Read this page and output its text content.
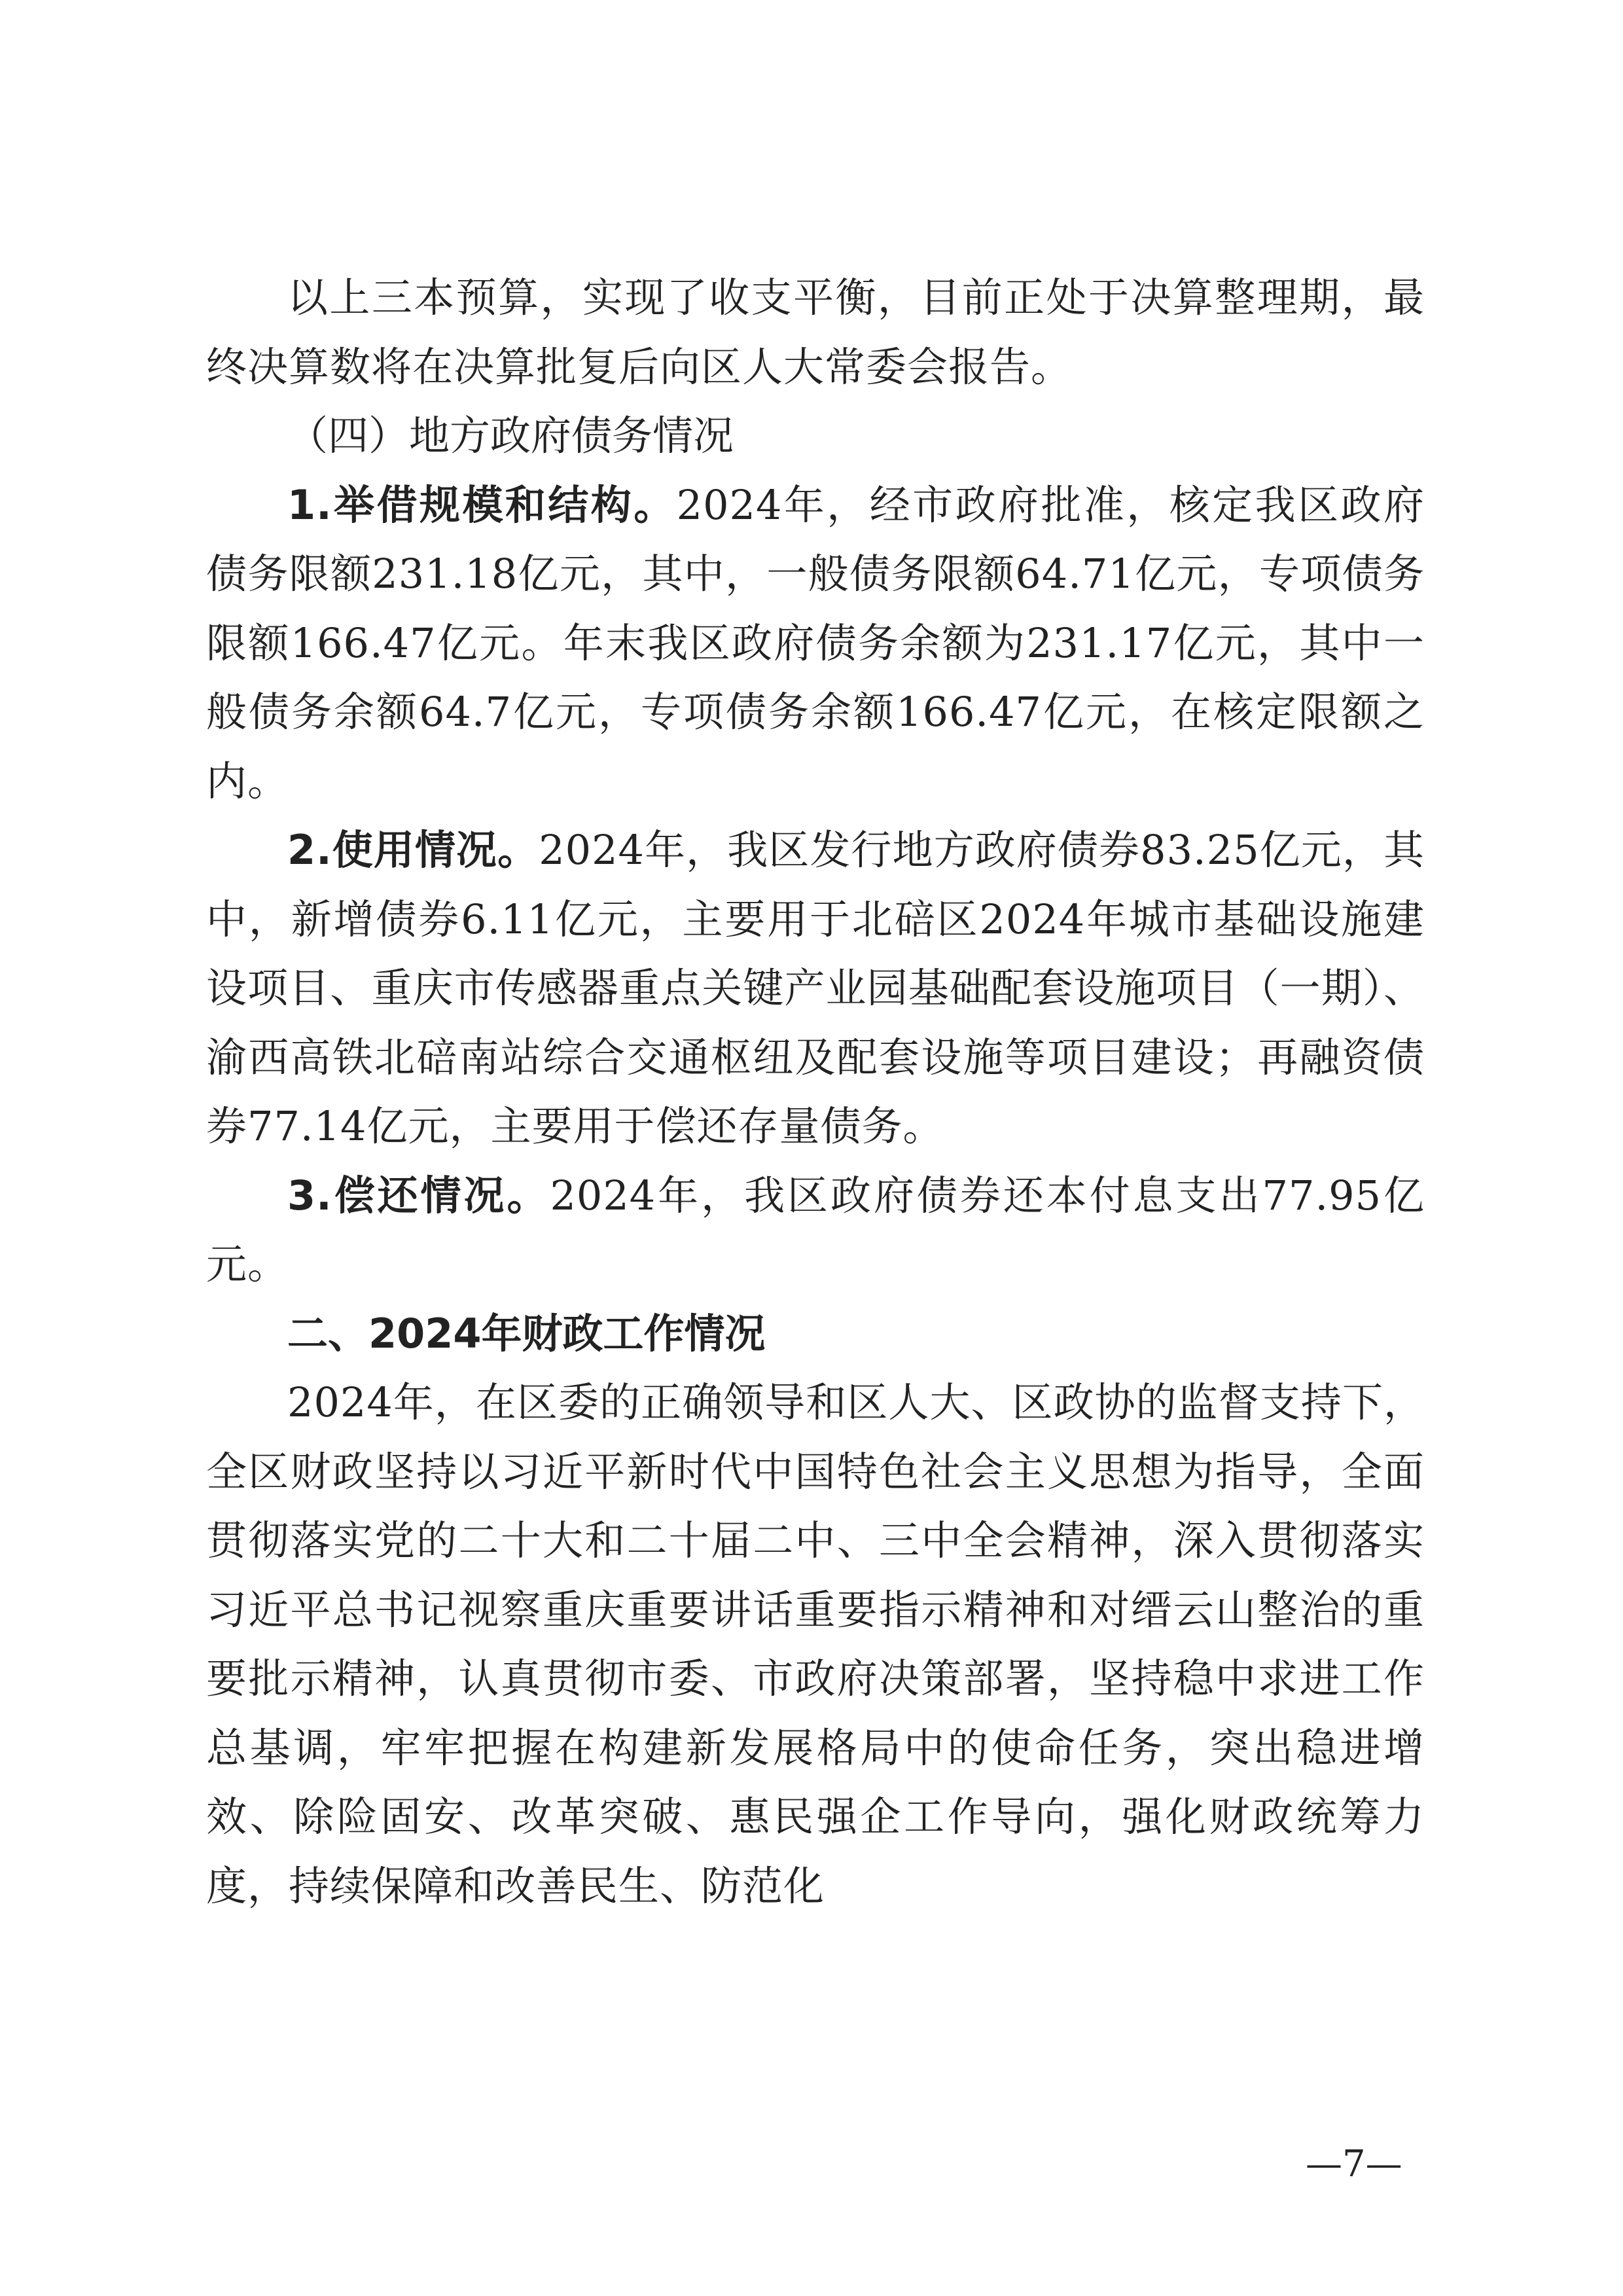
以上三本预算，实现了收支平衡，目前正处于决算整理期，最终决算数将在决算批复后向区人大常委会报告。

（四）地方政府债务情况

1.举借规模和结构。2024年，经市政府批准，核定我区政府债务限额231.18亿元，其中，一般债务限额64.71亿元，专项债务限额166.47亿元。年末我区政府债务余额为231.17亿元，其中一般债务余额64.7亿元，专项债务余额166.47亿元，在核定限额之内。

2.使用情况。2024年，我区发行地方政府债券83.25亿元，其中，新增债券6.11亿元，主要用于北碚区2024年城市基础设施建设项目、重庆市传感器重点关键产业园基础配套设施项目（一期）、渝西高铁北碚南站综合交通枢纽及配套设施等项目建设；再融资债券77.14亿元，主要用于偿还存量债务。

3.偿还情况。2024年，我区政府债券还本付息支出77.95亿元。

二、2024年财政工作情况

2024年，在区委的正确领导和区人大、区政协的监督支持下，全区财政坚持以习近平新时代中国特色社会主义思想为指导，全面贯彻落实党的二十大和二十届二中、三中全会精神，深入贯彻落实习近平总书记视察重庆重要讲话重要指示精神和对缙云山整治的重要批示精神，认真贯彻市委、市政府决策部署，坚持稳中求进工作总基调，牢牢把握在构建新发展格局中的使命任务，突出稳进增效、除险固安、改革突破、惠民强企工作导向，强化财政统筹力度，持续保障和改善民生、防范化

—7—
